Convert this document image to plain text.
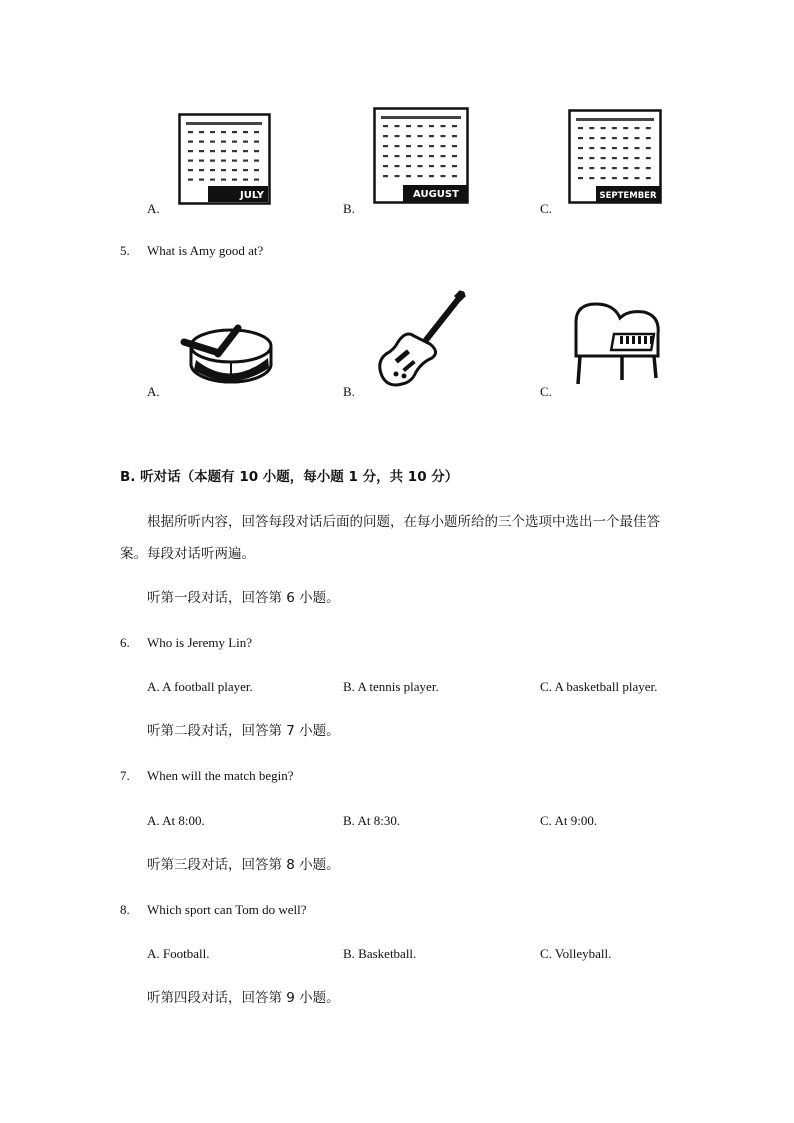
A.
JULY
B.
AUGUST
C.
SEPTEMBER
5. What is Amy good at?
A.	B.	C.
B. 听对话（本题有 10 小题，每小题 1 分，共 10 分）
根据所听内容，回答每段对话后面的问题，在每小题所给的三个选项中选出一个最佳答
案。每段对话听两遍。
听第一段对话，回答第 6 小题。
6. Who is Jeremy Lin?
A. A football player.	B. A tennis player.	C. A basketball player.
听第二段对话，回答第 7 小题。
7. When will the match begin?
A. At 8:00.	B. At 8:30.	C. At 9:00.
听第三段对话，回答第 8 小题。
8. Which sport can Tom do well?
A. Football.	B. Basketball.	C. Volleyball.
听第四段对话，回答第 9 小题。
